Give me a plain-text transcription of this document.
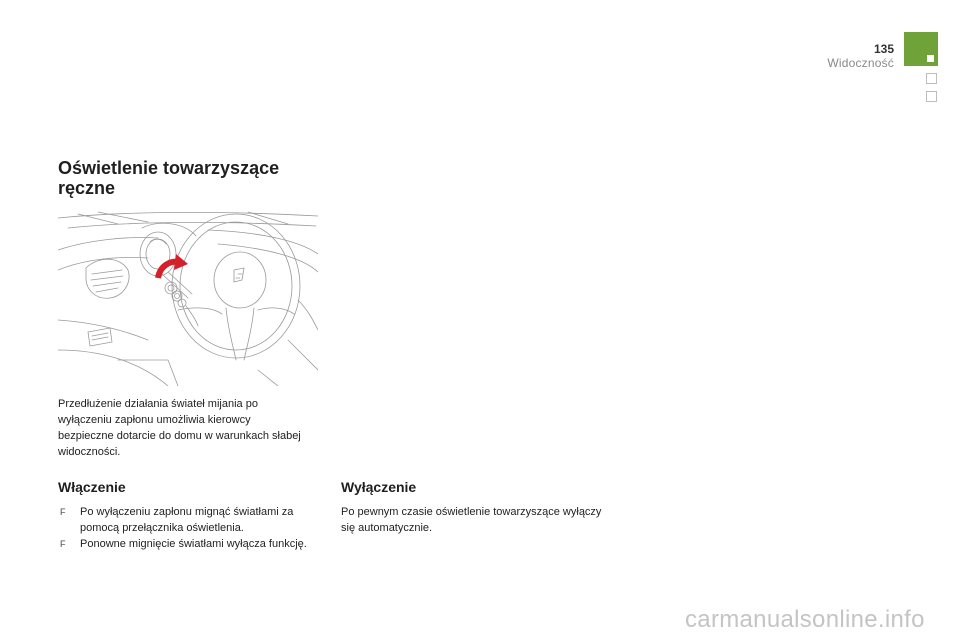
135
Widoczność
Oświetlenie towarzyszące
ręczne
Przedłużenie działania świateł mijania po wyłączeniu zapłonu umożliwia kierowcy bezpieczne dotarcie do domu w warunkach słabej widoczności.
Włączenie
F Po wyłączeniu zapłonu mignąć światłami za pomocą przełącznika oświetlenia.
F Ponowne mignięcie światłami wyłącza funkcję.
Wyłączenie
Po pewnym czasie oświetlenie towarzyszące wyłączy się automatycznie.
carmanualsonline.info
